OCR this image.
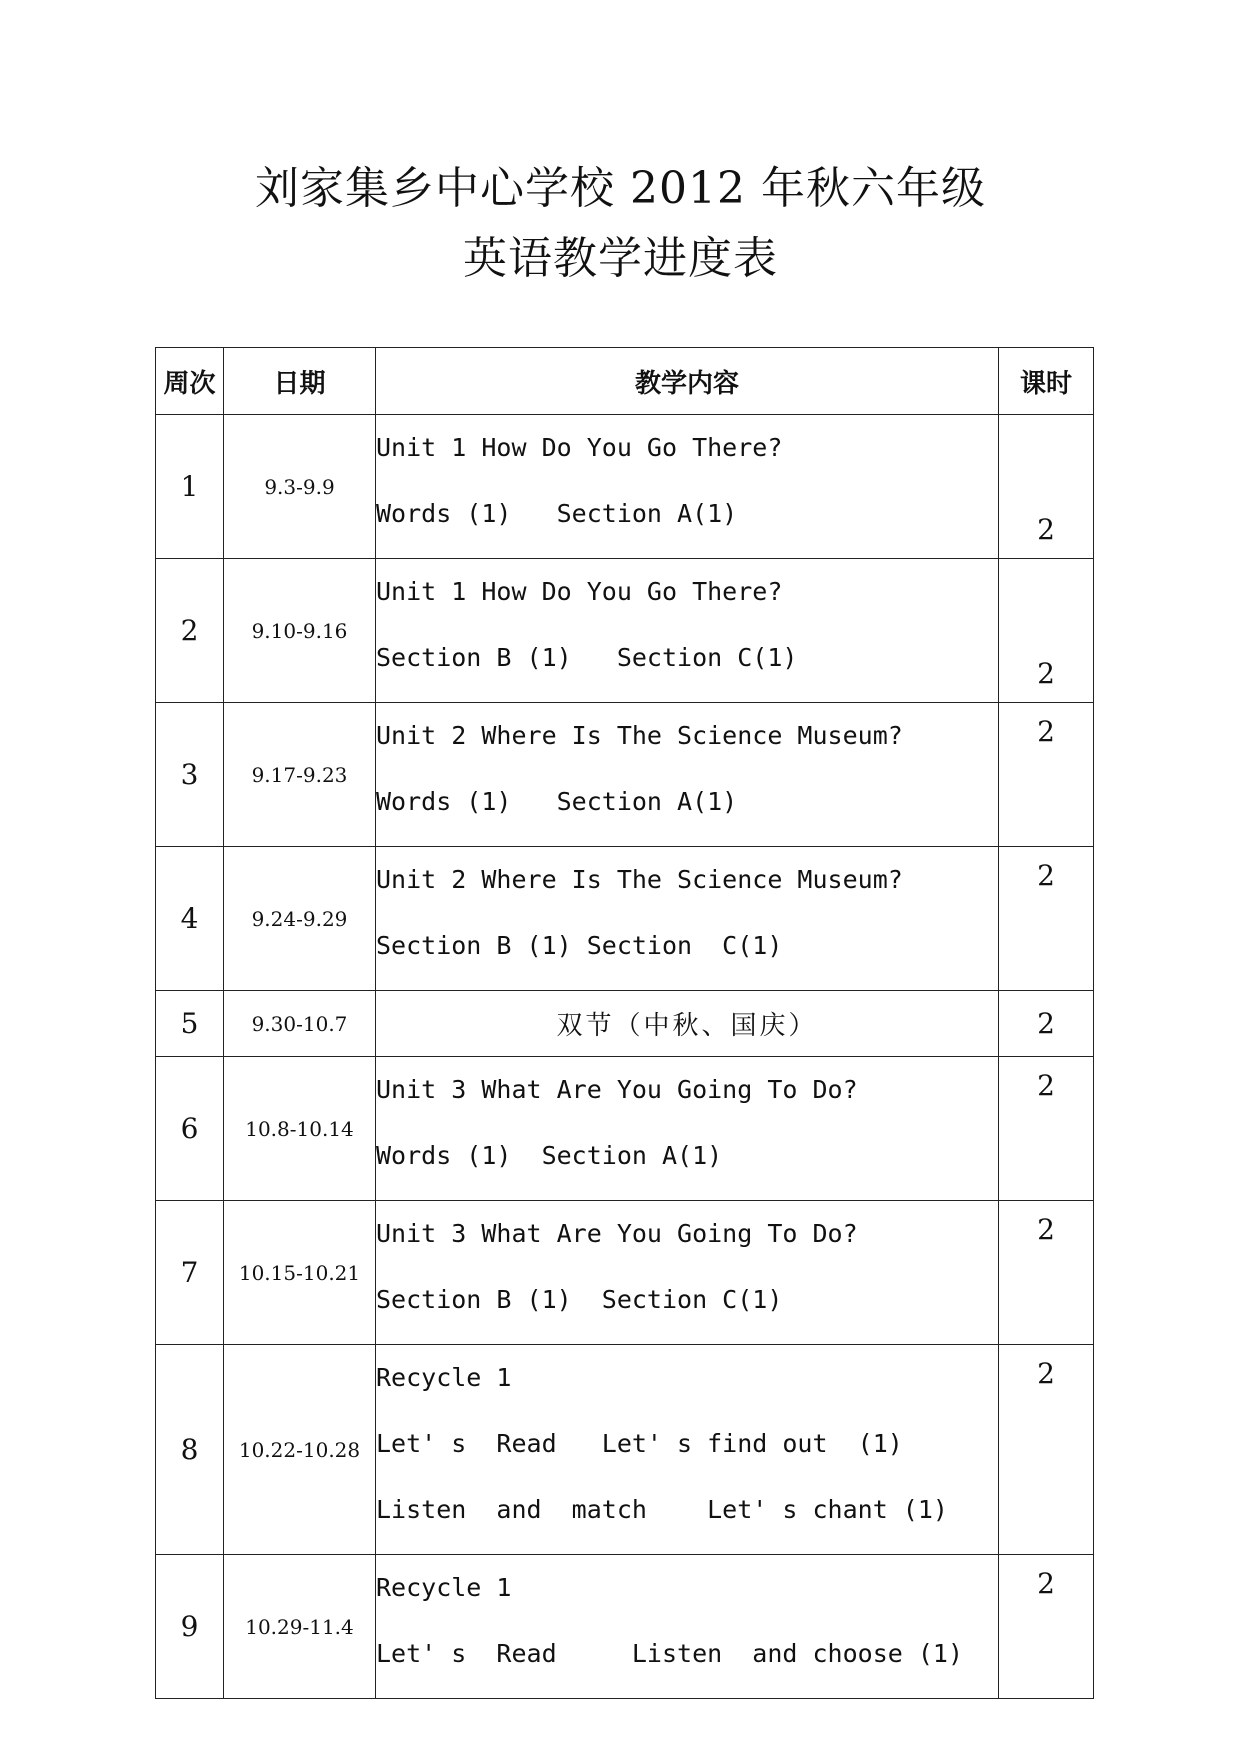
刘家集乡中心学校 2012 年秋六年级
英语教学进度表
周次	日期	教学内容	课时
1	9.3-9.9	Unit 1 How Do You Go There?
Words (1)   Section A(1)	2
2	9.10-9.16	Unit 1 How Do You Go There?
Section B (1)   Section C(1)	2
3	9.17-9.23	Unit 2 Where Is The Science Museum?
Words (1)   Section A(1)	2
4	9.24-9.29	Unit 2 Where Is The Science Museum?
Section B (1) Section  C(1)	2
5	9.30-10.7	双节（中秋、国庆）	2
6	10.8-10.14	Unit 3 What Are You Going To Do?
Words (1)  Section A(1)	2
7	10.15-10.21	Unit 3 What Are You Going To Do?
Section B (1)  Section C(1)	2
8	10.22-10.28	Recycle 1
Let' s  Read   Let' s find out  (1)
Listen  and  match    Let' s chant (1)	2
9	10.29-11.4	Recycle 1
Let' s  Read     Listen  and choose (1)	2
